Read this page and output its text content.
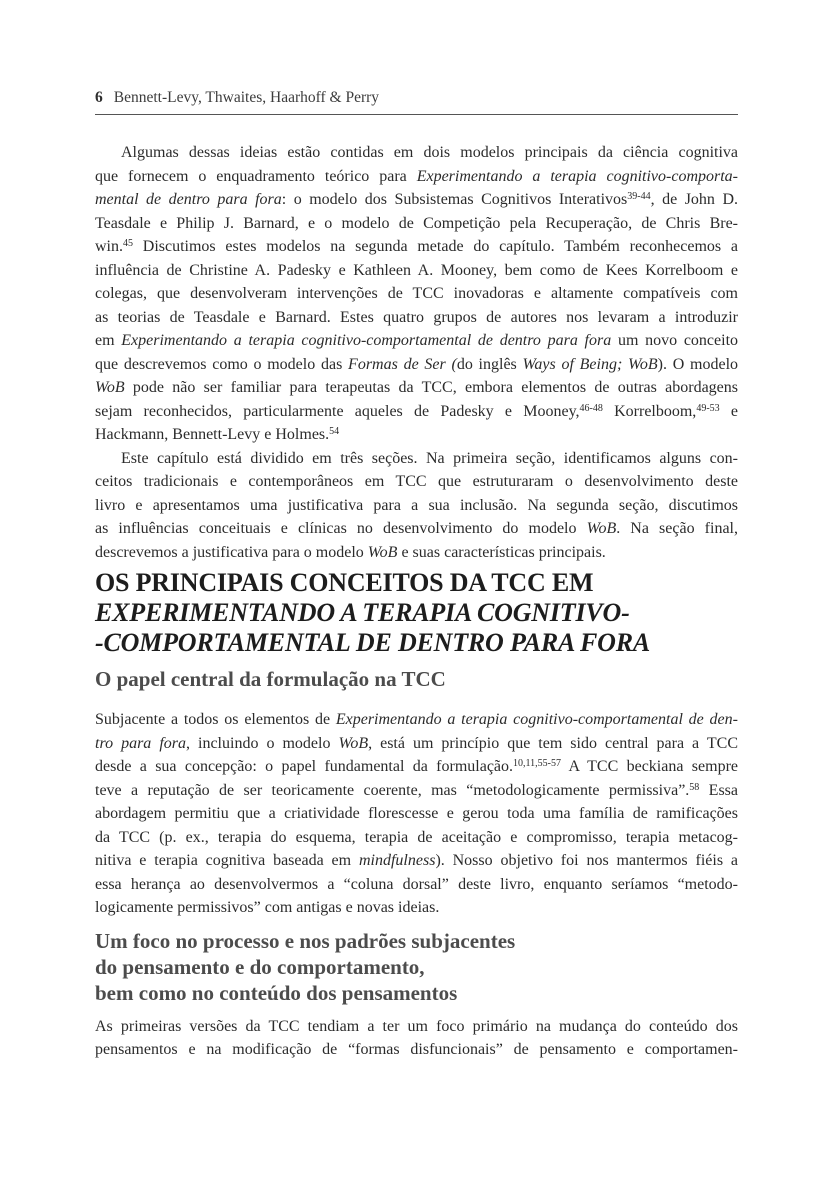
6 Bennett-Levy, Thwaites, Haarhoff & Perry
Algumas dessas ideias estão contidas em dois modelos principais da ciência cognitiva
que fornecem o enquadramento teórico para Experimentando a terapia cognitivo-comporta-
mental de dentro para fora: o modelo dos Subsistemas Cognitivos Interativos$^{39-44}$, de John D.
Teasdale e Philip J. Barnard, e o modelo de Competição pela Recuperação, de Chris Bre-
win.$^{45}$ Discutimos estes modelos na segunda metade do capítulo. Também reconhecemos a
influência de Christine A. Padesky e Kathleen A. Mooney, bem como de Kees Korrelboom e
colegas, que desenvolveram intervenções de TCC inovadoras e altamente compatíveis com
as teorias de Teasdale e Barnard. Estes quatro grupos de autores nos levaram a introduzir
em Experimentando a terapia cognitivo-comportamental de dentro para fora um novo conceito
que descrevemos como o modelo das Formas de Ser (do inglês Ways of Being; WoB). O modelo
WoB pode não ser familiar para terapeutas da TCC, embora elementos de outras abordagens
sejam reconhecidos, particularmente aqueles de Padesky e Mooney,$^{46-48}$ Korrelboom,$^{49-53}$ e
Hackmann, Bennett-Levy e Holmes.$^{54}$
Este capítulo está dividido em três seções. Na primeira seção, identificamos alguns con-
ceitos tradicionais e contemporâneos em TCC que estruturaram o desenvolvimento deste
livro e apresentamos uma justificativa para a sua inclusão. Na segunda seção, discutimos
as influências conceituais e clínicas no desenvolvimento do modelo WoB. Na seção final,
descrevemos a justificativa para o modelo WoB e suas características principais.
OS PRINCIPAIS CONCEITOS DA TCC EM
EXPERIMENTANDO A TERAPIA COGNITIVO-
-COMPORTAMENTAL DE DENTRO PARA FORA
O papel central da formulação na TCC
Subjacente a todos os elementos de Experimentando a terapia cognitivo-comportamental de den-
tro para fora, incluindo o modelo WoB, está um princípio que tem sido central para a TCC
desde a sua concepção: o papel fundamental da formulação.$^{10,11,55-57}$ A TCC beckiana sempre
teve a reputação de ser teoricamente coerente, mas “metodologicamente permissiva”.$^{58}$ Essa
abordagem permitiu que a criatividade florescesse e gerou toda uma família de ramificações
da TCC (p. ex., terapia do esquema, terapia de aceitação e compromisso, terapia metacog-
nitiva e terapia cognitiva baseada em mindfulness). Nosso objetivo foi nos mantermos fiéis a
essa herança ao desenvolvermos a “coluna dorsal” deste livro, enquanto seríamos “metodo-
logicamente permissivos” com antigas e novas ideias.
Um foco no processo e nos padrões subjacentes
do pensamento e do comportamento,
bem como no conteúdo dos pensamentos
As primeiras versões da TCC tendiam a ter um foco primário na mudança do conteúdo dos
pensamentos e na modificação de “formas disfuncionais” de pensamento e comportamen-
